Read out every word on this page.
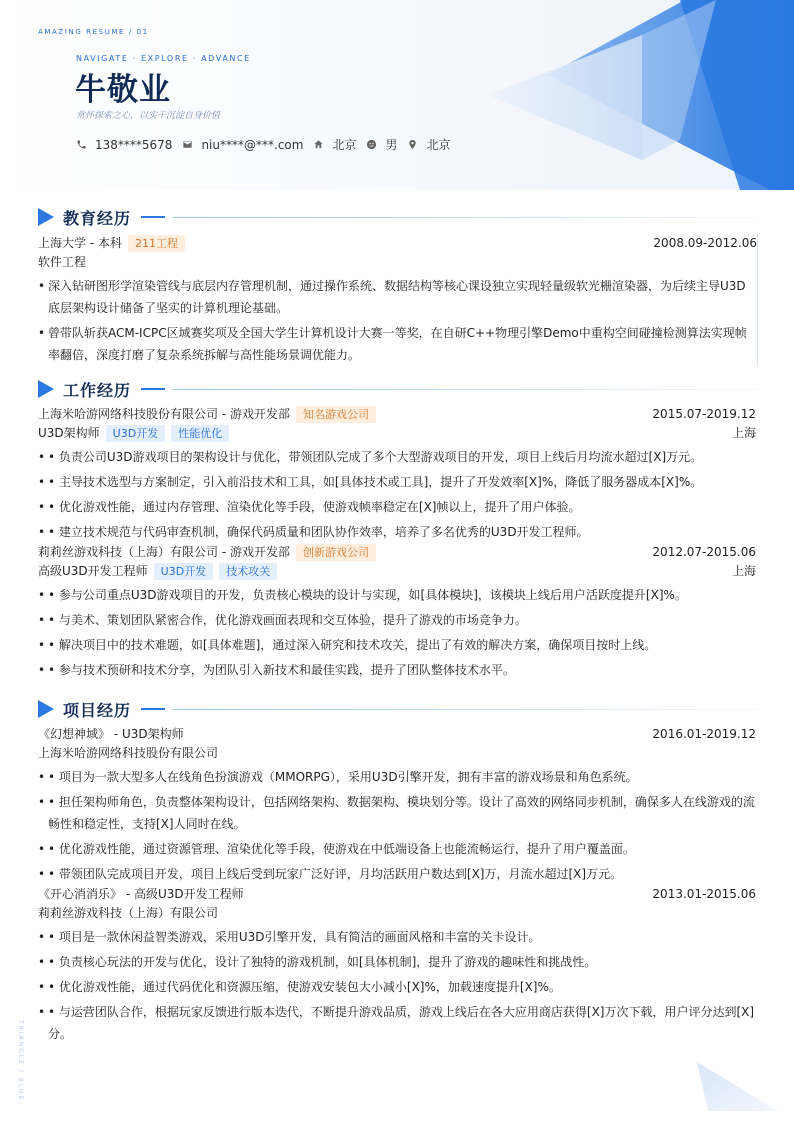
AMAZING RESUME / 01
NAVIGATE · EXPLORE · ADVANCE
牛敬业
常怀探索之心，以实干沉淀自身价值
138****5678 niu****@***.com 北京 男 北京
教育经历
上海大学 - 本科	211工程	2008.09-2012.06
软件工程
• 深入钻研图形学渲染管线与底层内存管理机制，通过操作系统、数据结构等核心课设独立实现轻量级软光栅渲染器，为后续主导U3D底层架构设计储备了坚实的计算机理论基础。
• 曾带队斩获ACM-ICPC区域赛奖项及全国大学生计算机设计大赛一等奖，在自研C++物理引擎Demo中重构空间碰撞检测算法实现帧率翻倍，深度打磨了复杂系统拆解与高性能场景调优能力。
工作经历
上海米哈游网络科技股份有限公司 - 游戏开发部	知名游戏公司	2015.07-2019.12
U3D架构师	U3D开发	性能优化	上海
• • 负责公司U3D游戏项目的架构设计与优化，带领团队完成了多个大型游戏项目的开发，项目上线后月均流水超过[X]万元。
• • 主导技术选型与方案制定，引入前沿技术和工具，如[具体技术或工具]，提升了开发效率[X]%，降低了服务器成本[X]%。
• • 优化游戏性能，通过内存管理、渲染优化等手段，使游戏帧率稳定在[X]帧以上，提升了用户体验。
• • 建立技术规范与代码审查机制，确保代码质量和团队协作效率，培养了多名优秀的U3D开发工程师。
莉莉丝游戏科技（上海）有限公司 - 游戏开发部	创新游戏公司	2012.07-2015.06
高级U3D开发工程师	U3D开发	技术攻关	上海
• • 参与公司重点U3D游戏项目的开发，负责核心模块的设计与实现，如[具体模块]，该模块上线后用户活跃度提升[X]%。
• • 与美术、策划团队紧密合作，优化游戏画面表现和交互体验，提升了游戏的市场竞争力。
• • 解决项目中的技术难题，如[具体难题]，通过深入研究和技术攻关，提出了有效的解决方案，确保项目按时上线。
• • 参与技术预研和技术分享，为团队引入新技术和最佳实践，提升了团队整体技术水平。
项目经历
《幻想神域》 - U3D架构师	2016.01-2019.12
上海米哈游网络科技股份有限公司
• • 项目为一款大型多人在线角色扮演游戏（MMORPG），采用U3D引擎开发，拥有丰富的游戏场景和角色系统。
• • 担任架构师角色，负责整体架构设计，包括网络架构、数据架构、模块划分等。设计了高效的网络同步机制，确保多人在线游戏的流畅性和稳定性，支持[X]人同时在线。
• • 优化游戏性能，通过资源管理、渲染优化等手段，使游戏在中低端设备上也能流畅运行，提升了用户覆盖面。
• • 带领团队完成项目开发，项目上线后受到玩家广泛好评，月均活跃用户数达到[X]万，月流水超过[X]万元。
《开心消消乐》 - 高级U3D开发工程师	2013.01-2015.06
莉莉丝游戏科技（上海）有限公司
• • 项目是一款休闲益智类游戏，采用U3D引擎开发，具有简洁的画面风格和丰富的关卡设计。
• • 负责核心玩法的开发与优化，设计了独特的游戏机制，如[具体机制]，提升了游戏的趣味性和挑战性。
• • 优化游戏性能，通过代码优化和资源压缩，使游戏安装包大小减小[X]%，加载速度提升[X]%。
• • 与运营团队合作，根据玩家反馈进行版本迭代，不断提升游戏品质，游戏上线后在各大应用商店获得[X]万次下载，用户评分达到[X]分。
TRIANGLE / BLUE
